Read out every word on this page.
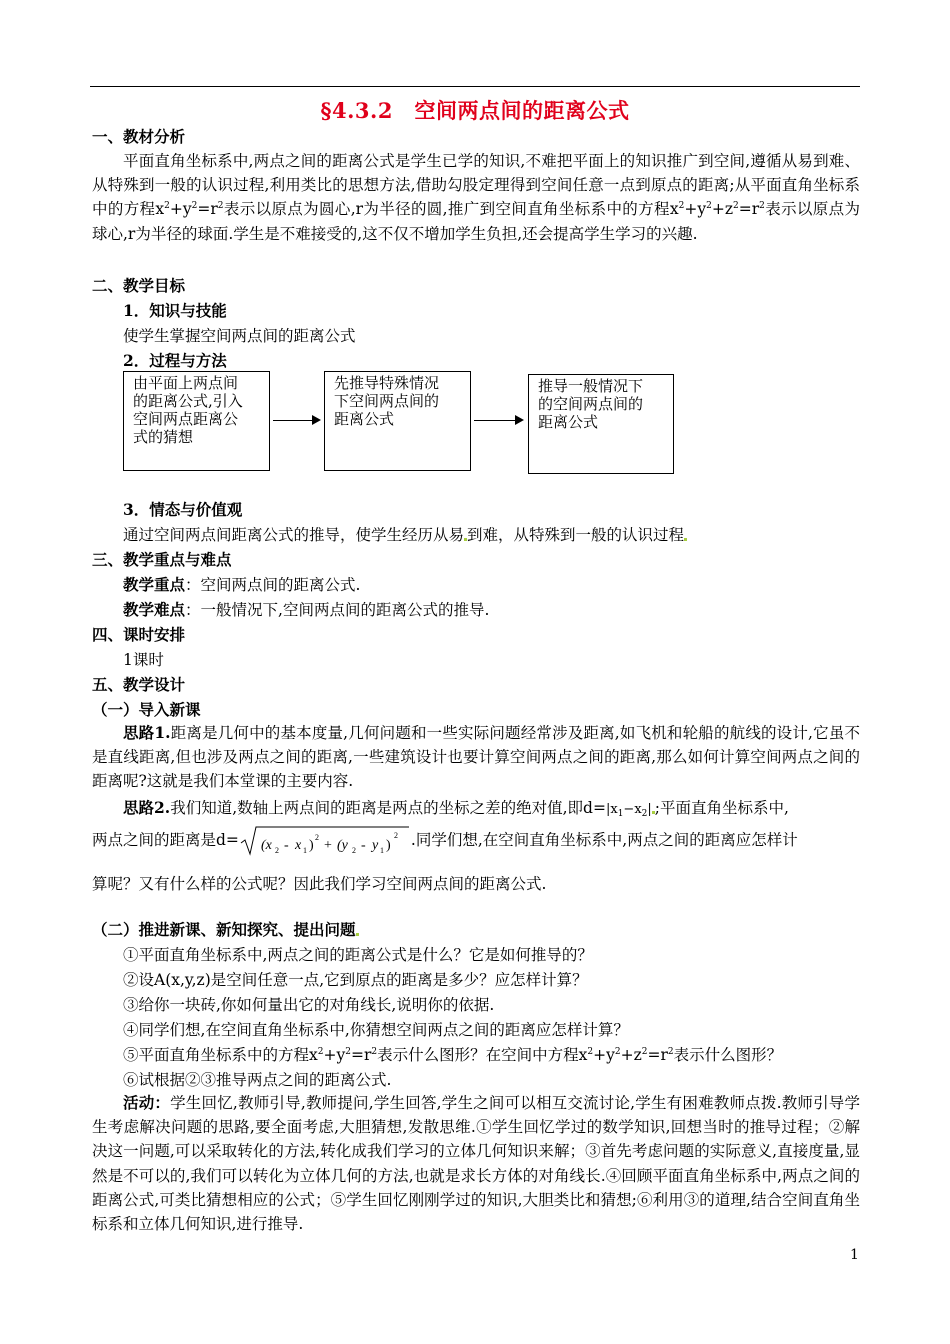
§4.3.2　空间两点间的距离公式
一、教材分析
平面直角坐标系中,两点之间的距离公式是学生已学的知识,不难把平面上的知识推广到空间,遵循从易到难、从特殊到一般的认识过程,利用类比的思想方法,借助勾股定理得到空间任意一点到原点的距离;从平面直角坐标系中的方程$x^2+y^2=r^2$表示以原点为圆心,r为半径的圆,推广到空间直角坐标系中的方程$x^2+y^2+z^2=r^2$表示以原点为球心,r为半径的球面.学生是不难接受的,这不仅不增加学生负担,还会提高学生学习的兴趣.
二、教学目标
1．知识与技能
使学生掌握空间两点间的距离公式
2．过程与方法
由平面上两点间
的距离公式,引入
空间两点距离公
式的猜想
先推导特殊情况
下空间两点间的
距离公式
推导一般情况下
的空间两点间的
距离公式
3．情态与价值观
通过空间两点间距离公式的推导，使学生经历从易 到难，从特殊到一般的认识过程
三、教学重点与难点
教学重点：空间两点间的距离公式.
教学难点：一般情况下,空间两点间的距离公式的推导.
四、课时安排
1课时
五、教学设计
（一）导入新课
思路1.距离是几何中的基本度量,几何问题和一些实际问题经常涉及距离,如飞机和轮船的航线的设计,它虽不是直线距离,但也涉及两点之间的距离,一些建筑设计也要计算空间两点之间的距离,那么如何计算空间两点之间的距离呢?这就是我们本堂课的主要内容.
思路2.我们知道,数轴上两点间的距离是两点的坐标之差的绝对值,即$d=|x_1-x_2|$ ;平面直角坐标系中,
两点之间的距离是d= (x 2 - x 1 )
2
+ (y 2 - y 1 )
2 .同学们想,在空间直角坐标系中,两点之间的距离应怎样计
算呢？又有什么样的公式呢？因此我们学习空间两点间的距离公式.
（二）推进新课、新知探究、提出问题
①平面直角坐标系中,两点之间的距离公式是什么？它是如何推导的？
②设A(x,y,z)是空间任意一点,它到原点的距离是多少？应怎样计算？
③给你一块砖,你如何量出它的对角线长,说明你的依据.
④同学们想,在空间直角坐标系中,你猜想空间两点之间的距离应怎样计算？
⑤平面直角坐标系中的方程$x^2+y^2=r^2$表示什么图形？在空间中方程$x^2+y^2+z^2=r^2$表示什么图形？
⑥试根据②③推导两点之间的距离公式.
活动：学生回忆,教师引导,教师提问,学生回答,学生之间可以相互交流讨论,学生有困难教师点拨.教师引导学生考虑解决问题的思路,要全面考虑,大胆猜想,发散思维.①学生回忆学过的数学知识,回想当时的推导过程；②解决这一问题,可以采取转化的方法,转化成我们学习的立体几何知识来解；③首先考虑问题的实际意义,直接度量,显然是不可以的,我们可以转化为立体几何的方法,也就是求长方体的对角线长.④回顾平面直角坐标系中,两点之间的距离公式,可类比猜想相应的公式；⑤学生回忆刚刚学过的知识,大胆类比和猜想;⑥利用③的道理,结合空间直角坐标系和立体几何知识,进行推导.
1
